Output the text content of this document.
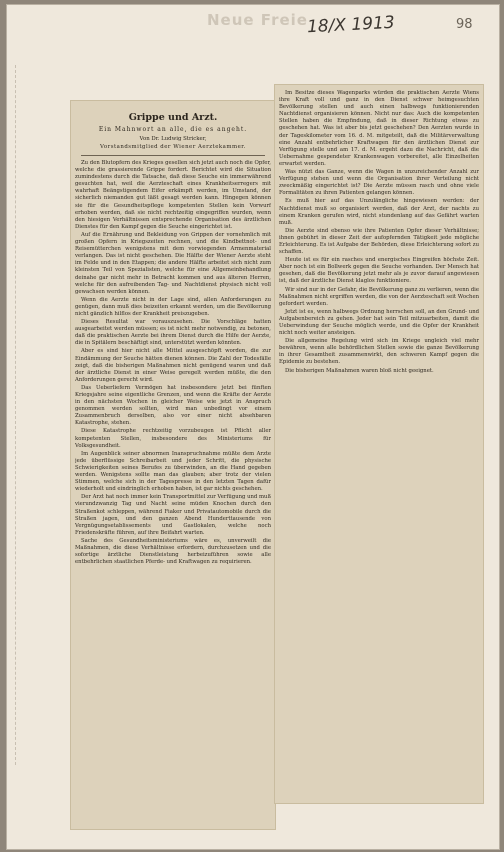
Neue Freie
18/X 1913	98
Grippe und Arzt.
Ein Mahnwort an alle, die es angeht.
Von Dr. Ludwig Stricker,
Vorstandsmitglied der Wiener Aerztekammer.

Zu den Blutopfern des Krieges gesellen sich jetzt auch noch die Opfer, welche die grassierende Grippe fordert. Berichtet wird die Situation zumindestens durch die Tatsache, daß diese Seuche ein immerwährend gesuchten hat, weil die Aerzteschaft eines Krankheitserregers mit wahrhaft Beängstigendem Eifer erkämpft werden, im Umstand, der sicherlich niemanden gut läßt gesagt werden kann. Hingegen können sie für die Gesundheitspflege kompetenten Stellen kein Vorwurf erhoben werden, daß sie nicht rechtzeitig eingegriffen wurden, wenn den hiesigen Verhältnissen entsprechende Organisation des ärztlichen Dienstes für den Kampf gegen die Seuche eingerichtet ist.

Auf die Ernährung und Bekleidung von Grippen der vornehmlich mit großen Opfern in Kriegszeiten rechnen, und die Kindbettnot- und Reisemütterchen wenigstens mit dem vorwiegenden Armenmaterial verlangen. Das ist nicht geschehen. Die Hälfte der Wiener Aerzte steht im Felde und in den Etappen; die andere Hälfte arbeitet sich nicht zum kleinsten Teil von Spezialisten, welche für eine Allgemeinbehandlung deinahe gar nicht mehr in Betracht kommen und aus älteren Herren, welche für den aufreibenden Tag- und Nachtdienst physisch nicht voll gewachsen werden können.

Wenn die Aerzte nicht in der Lage sind, allen Anforderungen zu genügen, dann muß dies beizeiten erkannt werden, um die Bevölkerung nicht gänzlich hilflos der Krankheit preiszugeben.

Dieses Resultat war vorauszusehen. Die Vorschläge hatten ausgearbeitet werden müssen; es ist nicht mehr notwendig, zu betonen, daß die praktischen Aerzte bei ihrem Dienst durch die Hilfe der Aerzte, die in Spitälern beschäftigt sind, unterstützt werden könnten.

Aber es sind hier nicht alle Mittel ausgeschöpft worden, die zur Eindämmung der Seuche hätten dienen können. Die Zahl der Todesfälle zeigt, daß die bisherigen Maßnahmen nicht genügend waren und daß der ärztliche Dienst in einer Weise geregelt werden müßte, die den Anforderungen gerecht wird.

Das Ueberliefern Vermögen hat insbesondere jetzt bei fünften Kriegsjahre seine eigentliche Grenzen, und wenn die Kräfte der Aerzte in den nächsten Wochen in gleicher Weise wie jetzt in Anspruch genommen werden sollten, wird man unbedingt vor einem Zusammenbruch derselben, also vor einer nicht absehbaren Katastrophe, stehen.

Diese Katastrophe rechtzeitig vorzubeugen ist Pflicht aller kompetenten Stellen, insbesondere des Ministeriums für Volksgesundheit.

Im Augenblick seiner abnormen Inanspruchnahme müßte dem Arzte jede überflüssige Schreibarbeit und jeder Schritt, die physische Schwierigkeiten seines Berufes zu überwinden, an die Hand gegeben werden. Wenigstens sollte man das glauben; aber trotz der vielen Stimmen, welche sich in der Tagespresse in den letzten Tagen dafür wiederholt und eindringlich erhoben haben, ist gar nichts geschehen.

Der Arzt hat noch immer kein Transportmittel zur Verfügung und muß vierundzwanzig Tag und Nacht seine müden Knochen durch den Straßenkot schleppen, während Fiaker und Privatautomobile durch die Straßen jagen, und den ganzen Abend Hunderttausende von Vergnügungsetablissements und Gastlokalen, welche noch Friedenskräfte führen, auf ihre Beifahrt warten.

Sache des Gesundheitsministeriums wäre es, unverweilt die Maßnahmen, die diese Verhältnisse erfordern, durchzusetzen und die sofortige ärztliche Dienstleistung herbeizuführen sowie alle entbehrlichen staatlichen Pferde- und Kraftwagen zu requirieren.

Im Besitze dieses Wagenparks würden die praktischen Aerzte Wiens ihre Kraft voll und ganz in den Dienst schwer heimgesuchten Bevölkerung stellen und auch einen halbwegs funktionierenden Nachtdienst organisieren können. Nicht nur das: Auch die kompetenten Stellen haben die Empfindung, daß in dieser Richtung etwas zu geschehen hat. Was ist aber bis jetzt geschehen? Den Aerzten wurde in der Tageskilometer vom 16. d. M. mitgeteilt, daß die Militärverwaltung eine Anzahl entbehrlicher Kraftwagen für den ärztlichen Dienst zur Verfügung stelle und am 17. d. M. ergeht dazu die Nachricht, daß die Uebernahme gespendeter Krankenwagen vorbereitet, alle Einzelheiten erwartet werden.

Was nützt das Ganze, wenn die Wagen in unzureichender Anzahl zur Verfügung stehen und wenn die Organisation ihrer Verteilung nicht zweckmäßig eingerichtet ist? Die Aerzte müssen rasch und ohne viele Formalitäten zu ihren Patienten gelangen können.

Es muß hier auf das Unzulängliche hingewiesen werden: der Nachtdienst muß so organisiert werden, daß der Arzt, der nachts zu einem Kranken gerufen wird, nicht stundenlang auf das Gefährt warten muß.

Die Aerzte sind ebenso wie ihre Patienten Opfer dieser Verhältnisse; ihnen gebührt in dieser Zeit der aufopfernden Tätigkeit jede mögliche Erleichterung. Es ist Aufgabe der Behörden, diese Erleichterung sofort zu schaffen.

Heute ist es für ein rasches und energisches Eingreifen höchste Zeit. Aber noch ist ein Bollwerk gegen die Seuche vorhanden. Der Mensch hat gesehen, daß die Bevölkerung jetzt mehr als je zuvor darauf angewiesen ist, daß der ärztliche Dienst klaglos funktioniere.

Wir sind nur in der Gefahr, die Bevölkerung ganz zu verlieren, wenn die Maßnahmen nicht ergriffen werden, die von der Aerzteschaft seit Wochen gefordert werden.

Jetzt ist es, wenn halbwegs Ordnung herrschen soll, an den Grund- und Aufgabenbereich zu gehen. Jeder hat sein Teil mitzuarbeiten, damit die Ueberwindung der Seuche möglich werde, und die Opfer der Krankheit nicht noch weiter ansteigen.

Die allgemeine Regelung wird sich im Kriege ungleich viel mehr bewähren, wenn alle behördlichen Stellen sowie die ganze Bevölkerung in ihrer Gesamtheit zusammenwirkt, den schweren Kampf gegen die Epidemie zu bestehen.

Die bisherigen Maßnahmen waren bloß nicht geeignet.
